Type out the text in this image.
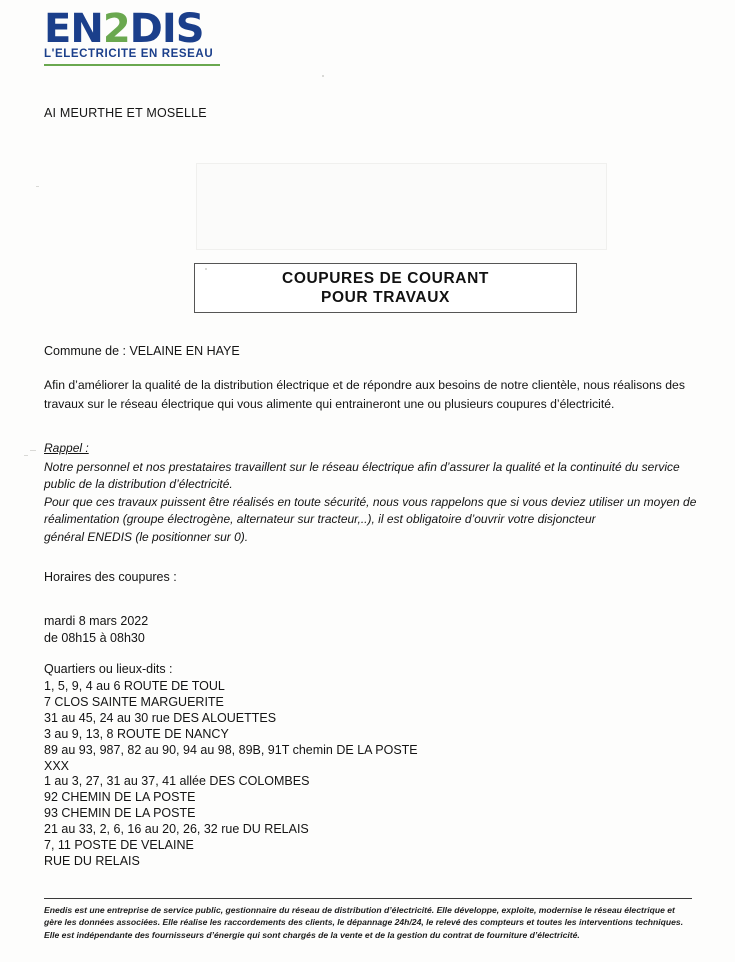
EN2DIS
L'ELECTRICITE EN RESEAU
AI MEURTHE ET MOSELLE
COUPURES DE COURANT
POUR TRAVAUX
Commune de : VELAINE EN HAYE
Afin d’améliorer la qualité de la distribution électrique et de répondre aux besoins de notre clientèle, nous réalisons des travaux sur le réseau électrique qui vous alimente qui entraineront une ou plusieurs coupures d’électricité.
Rappel :

Notre personnel et nos prestataires travaillent sur le réseau électrique afin d’assurer la qualité et la continuité du service public de la distribution d’électricité.

Pour que ces travaux puissent être réalisés en toute sécurité, nous vous rappelons que si vous deviez utiliser un moyen de réalimentation (groupe électrogène, alternateur sur tracteur,..), il est obligatoire d’ouvrir votre disjoncteur

général ENEDIS (le positionner sur 0).

Horaires des coupures :
mardi 8 mars 2022
de 08h15 à 08h30
Quartiers ou lieux-dits :
1, 5, 9, 4 au 6 ROUTE DE TOUL
7 CLOS SAINTE MARGUERITE
31 au 45, 24 au 30 rue DES ALOUETTES
3 au 9, 13, 8 ROUTE DE NANCY
89 au 93, 987, 82 au 90, 94 au 98, 89B, 91T chemin DE LA POSTE
XXX
1 au 3, 27, 31 au 37, 41 allée DES COLOMBES
92 CHEMIN DE LA POSTE
93 CHEMIN DE LA POSTE
21 au 33, 2, 6, 16 au 20, 26, 32 rue DU RELAIS
7, 11 POSTE DE VELAINE
RUE DU RELAIS
Enedis est une entreprise de service public, gestionnaire du réseau de distribution d’électricité. Elle développe, exploite, modernise le réseau électrique et gère les données associées. Elle réalise les raccordements des clients, le dépannage 24h/24, le relevé des compteurs et toutes les interventions techniques. Elle est indépendante des fournisseurs d’énergie qui sont chargés de la vente et de la gestion du contrat de fourniture d’électricité.
